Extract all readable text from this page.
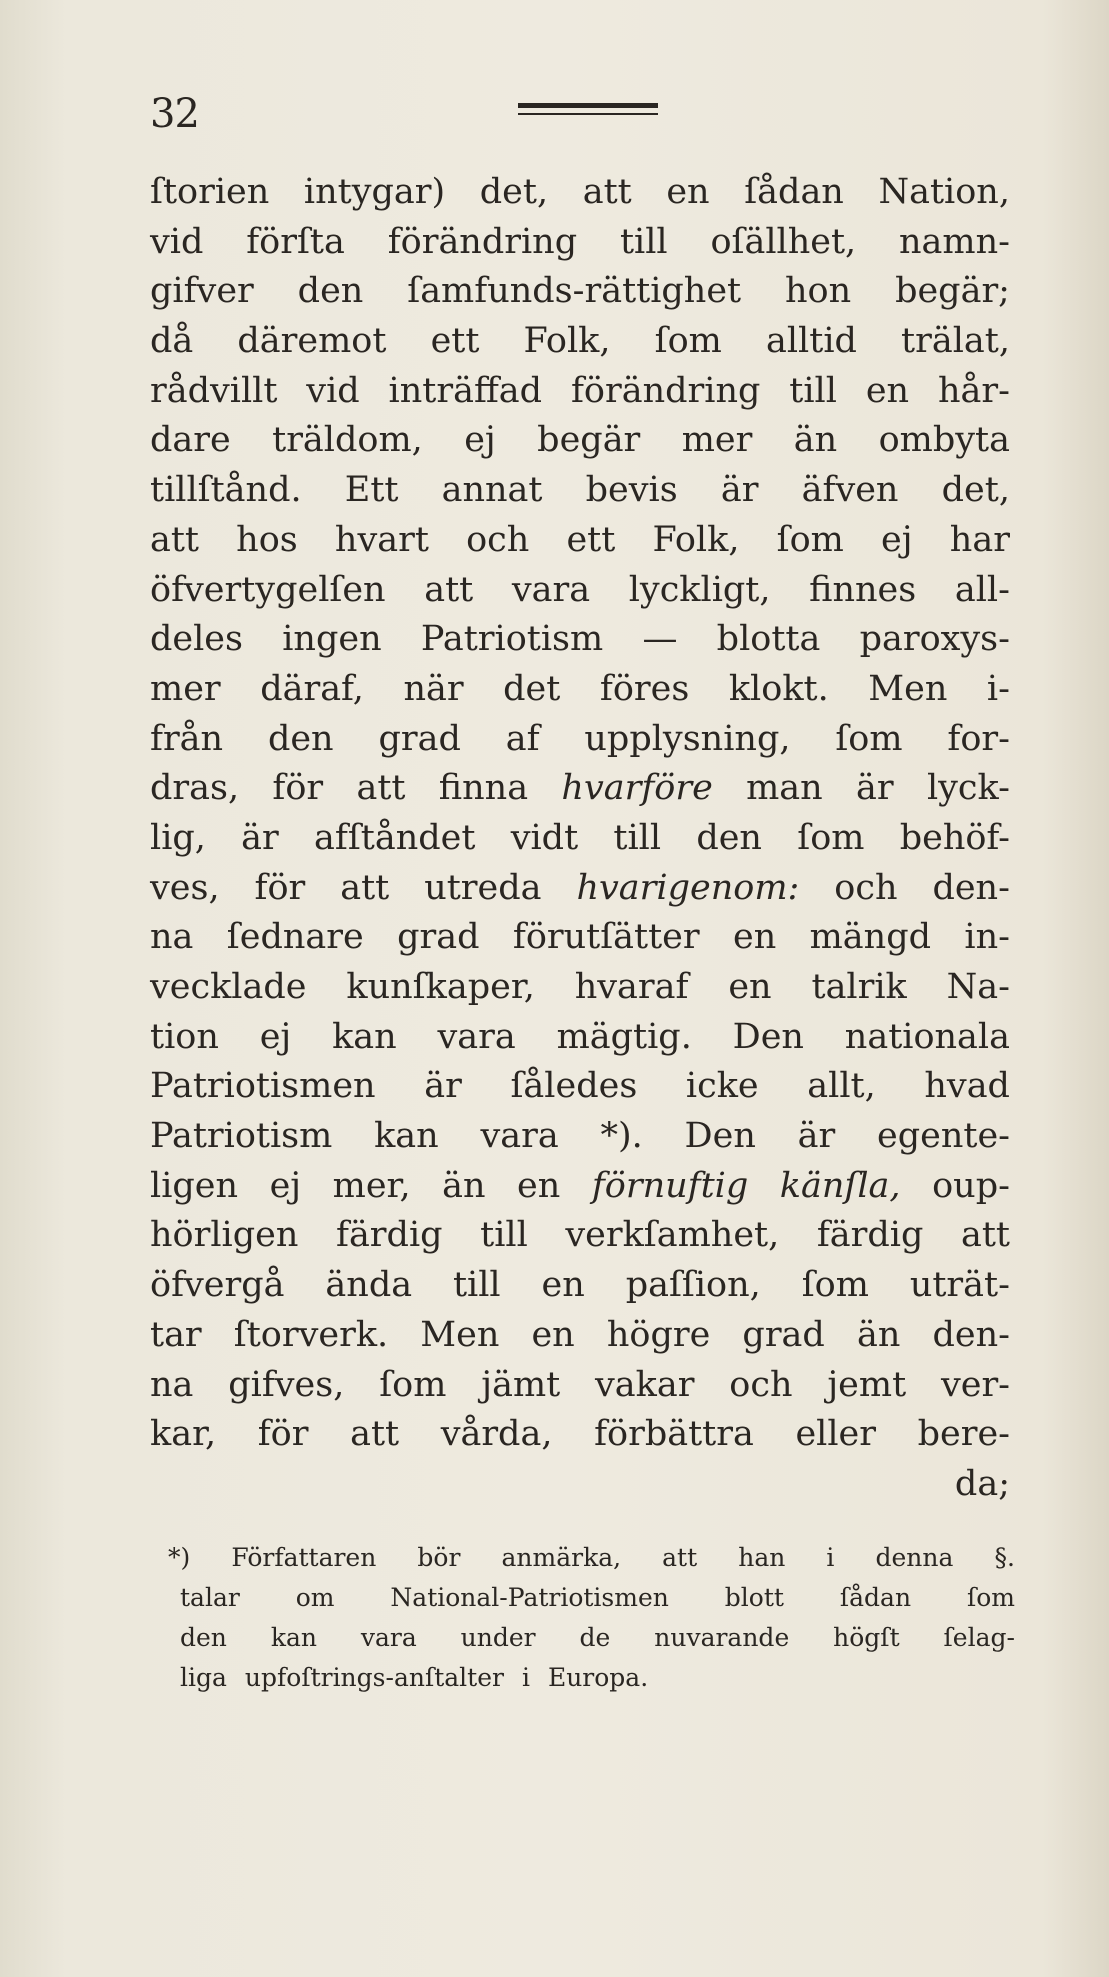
32
ſtorien intygar) det, att en ſådan Nation,
vid förſta förändring till oſällhet, namn-
gifver den ſamfunds-rättighet hon begär;
då däremot ett Folk, ſom alltid trälat,
rådvillt vid inträffad förändring till en hår-
dare träldom, ej begär mer än ombyta
tillſtånd. Ett annat bevis är äfven det,
att hos hvart och ett Folk, ſom ej har
öfvertygelſen att vara lyckligt, finnes all-
deles ingen Patriotism — blotta paroxys-
mer däraf, när det föres klokt. Men i-
från den grad af upplysning, ſom for-
dras, för att finna hvarföre man är lyck-
lig, är afſtåndet vidt till den ſom behöf-
ves, för att utreda hvarigenom: och den-
na ſednare grad förutſätter en mängd in-
vecklade kunſkaper, hvaraf en talrik Na-
tion ej kan vara mägtig. Den nationala
Patriotismen är ſåledes icke allt, hvad
Patriotism kan vara *). Den är egente-
ligen ej mer, än en förnuftig känſla, oup-
hörligen färdig till verkſamhet, färdig att
öfvergå ända till en paſſion, ſom uträt-
tar ſtorverk. Men en högre grad än den-
na gifves, ſom jämt vakar och jemt ver-
kar, för att vårda, förbättra eller bere-
da;
*) Författaren bör anmärka, att han i denna §.
talar om National-Patriotismen blott ſådan ſom
den kan vara under de nuvarande högſt ſelag-
liga upfoſtrings-anſtalter i Europa.
